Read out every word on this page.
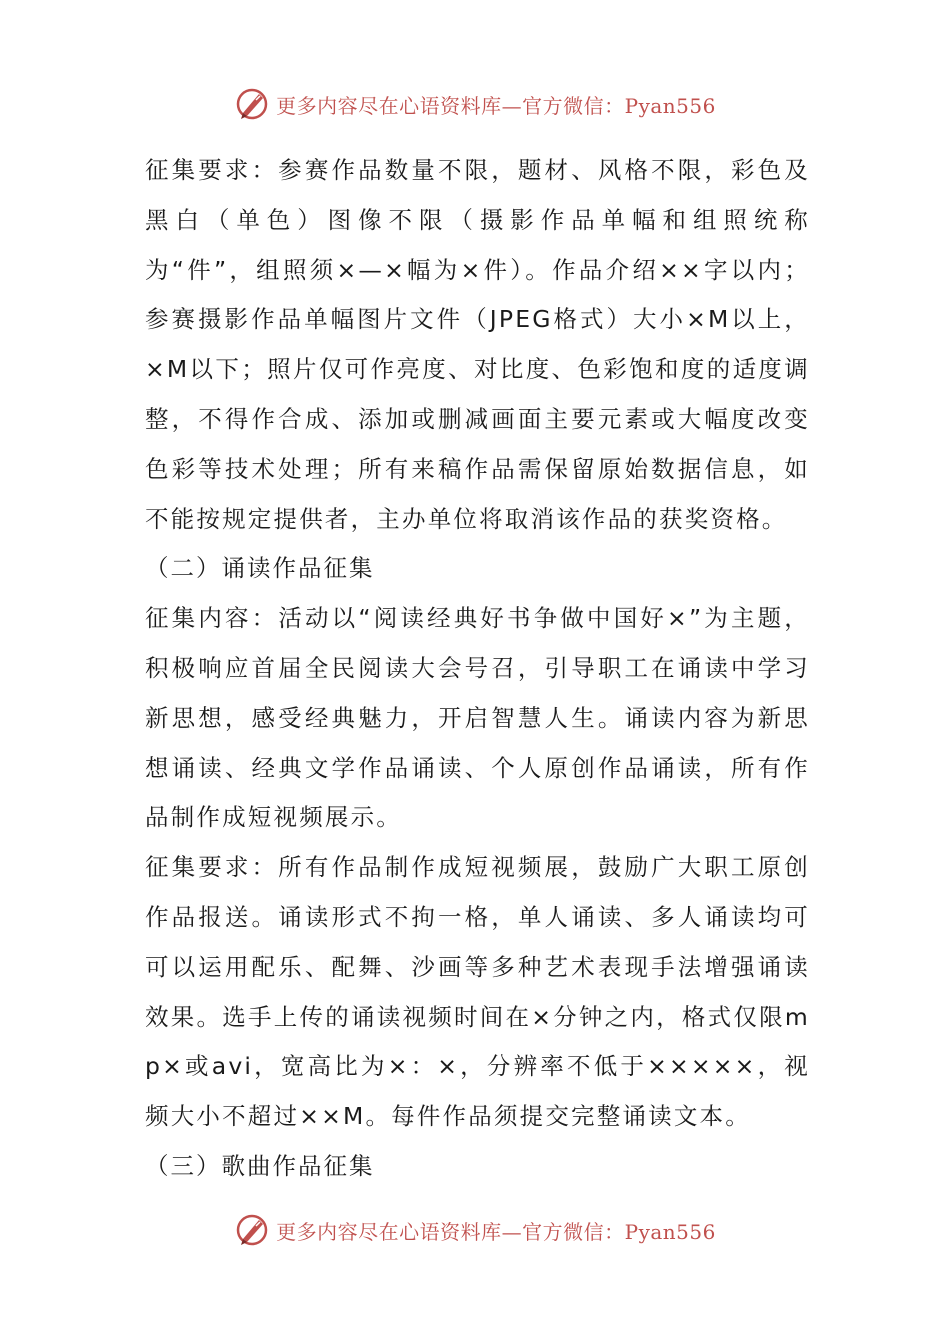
更多内容尽在心语资料库—官方微信：Pyan556

征集要求：参赛作品数量不限，题材、风格不限，彩色及黑白（单色）图像不限（摄影作品单幅和组照统称为“件”，组照须×—×幅为×件）。作品介绍××字以内；参赛摄影作品单幅图片文件（JPEG格式）大小×M以上，×M以下；照片仅可作亮度、对比度、色彩饱和度的适度调整，不得作合成、添加或删减画面主要元素或大幅度改变色彩等技术处理；所有来稿作品需保留原始数据信息，如不能按规定提供者，主办单位将取消该作品的获奖资格。

（二）诵读作品征集

征集内容：活动以“阅读经典好书争做中国好×”为主题，积极响应首届全民阅读大会号召，引导职工在诵读中学习新思想，感受经典魅力，开启智慧人生。诵读内容为新思想诵读、经典文学作品诵读、个人原创作品诵读，所有作品制作成短视频展示。

征集要求：所有作品制作成短视频展，鼓励广大职工原创作品报送。诵读形式不拘一格，单人诵读、多人诵读均可可以运用配乐、配舞、沙画等多种艺术表现手法增强诵读效果。选手上传的诵读视频时间在×分钟之内，格式仅限mp×或avi，宽高比为×：×，分辨率不低于×××××，视频大小不超过××M。每件作品须提交完整诵读文本。

（三）歌曲作品征集

更多内容尽在心语资料库—官方微信：Pyan556
